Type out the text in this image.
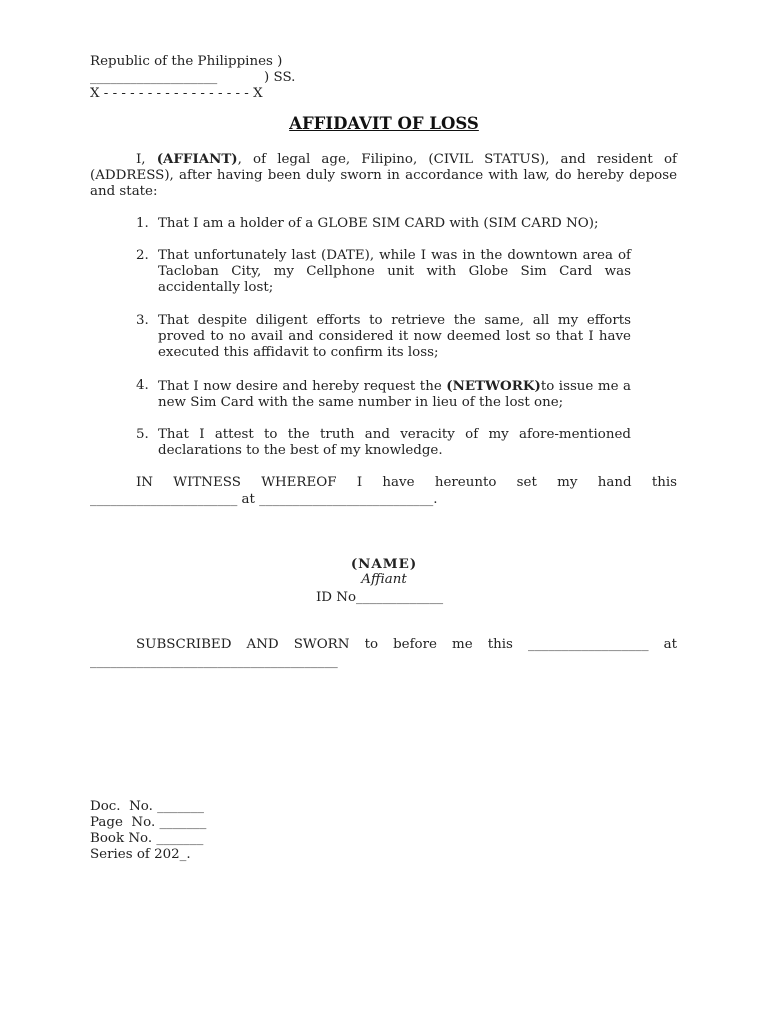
Republic of the Philippines )
___________________           ) SS.
X - - - - - - - - - - - - - - - - - X
AFFIDAVIT OF LOSS
I, (AFFIANT), of legal age, Filipino, (CIVIL STATUS), and resident of (ADDRESS), after having been duly sworn in accordance with law, do hereby depose and state:
1. That I am a holder of a GLOBE SIM CARD with (SIM CARD NO);
2. That unfortunately last (DATE), while I was in the downtown area of Tacloban City, my Cellphone unit with Globe Sim Card was accidentally lost;
3. That despite diligent efforts to retrieve the same, all my efforts proved to no avail and considered it now deemed lost so that I have executed this affidavit to confirm its loss;
4. That I now desire and hereby request the (NETWORK)to issue me a new Sim Card with the same number in lieu of the lost one;
5. That I attest to the truth and veracity of my afore-mentioned declarations to the best of my knowledge.
IN WITNESS WHEREOF I have hereunto set my hand this
______________________ at __________________________.
(NAME)
Affiant
ID No_____________
SUBSCRIBED AND SWORN to before me this __________________ at
_____________________________________
Doc.  No. _______
Page  No. _______
Book No. _______
Series of 202_.
